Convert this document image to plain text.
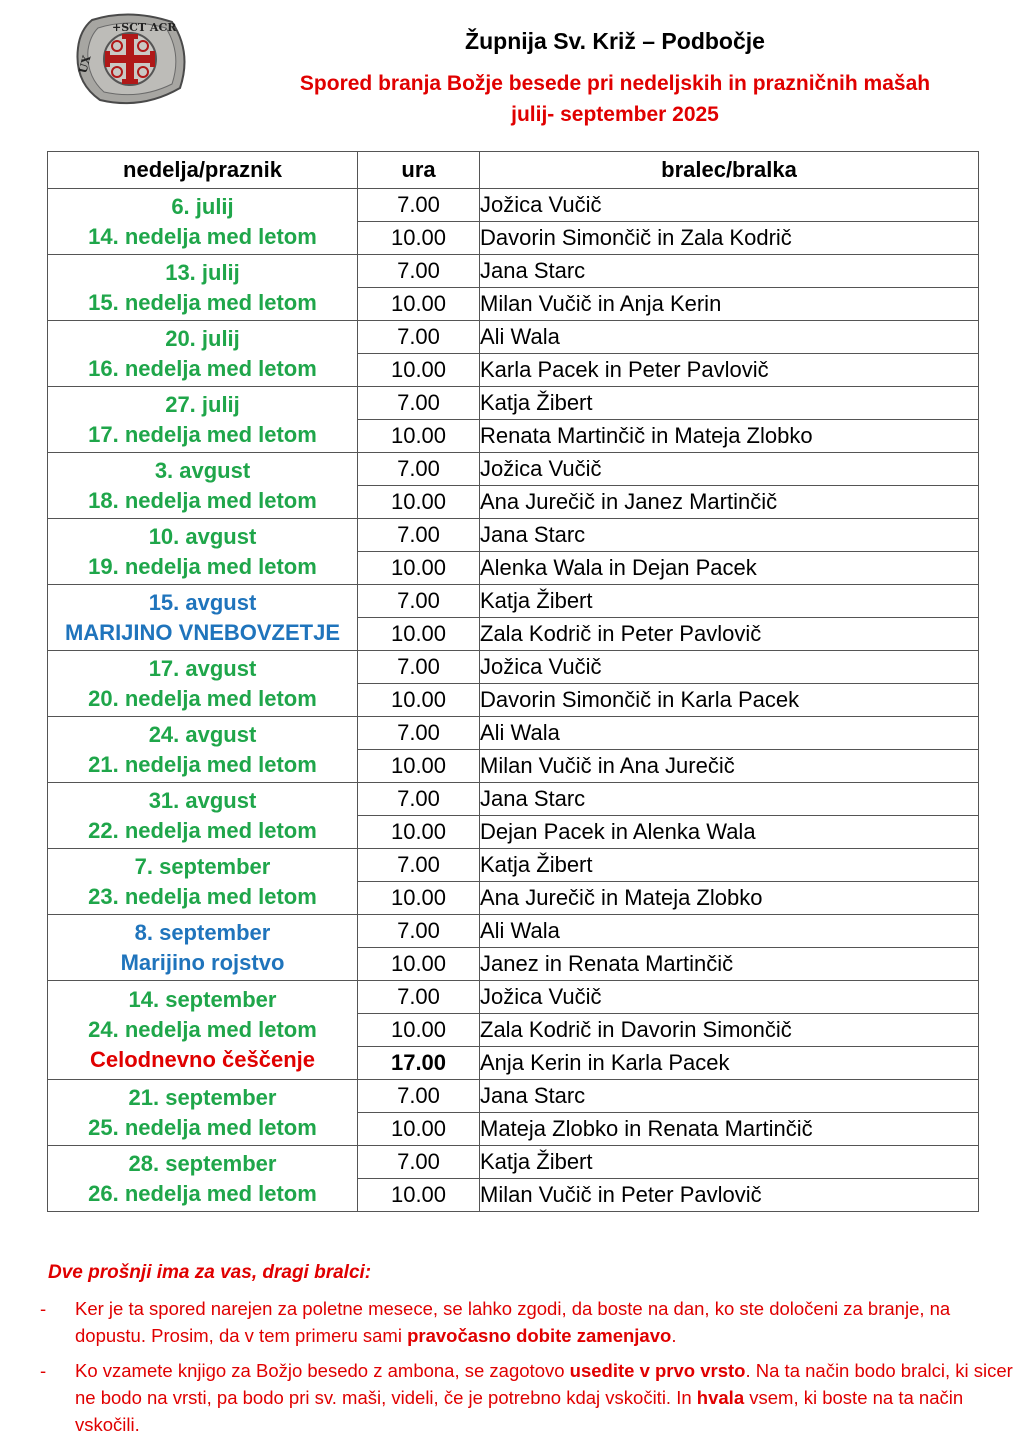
+SCT ACR
UX
Župnija Sv. Križ – Podbočje
Spored branja Božje besede pri nedeljskih in prazničnih mašah
julij- september 2025
nedelja/praznik	ura	bralec/bralka

6. julij
14. nedelja med letom	7.00	Jožica Vučič
	10.00	Davorin Simončič in Zala Kodrič

13. julij
15. nedelja med letom	7.00	Jana Starc
	10.00	Milan Vučič in Anja Kerin

20. julij
16. nedelja med letom	7.00	Ali Wala
	10.00	Karla Pacek in Peter Pavlovič

27. julij
17. nedelja med letom	7.00	Katja Žibert
	10.00	Renata Martinčič in Mateja Zlobko

3. avgust
18. nedelja med letom	7.00	Jožica Vučič
	10.00	Ana Jurečič in Janez Martinčič

10. avgust
19. nedelja med letom	7.00	Jana Starc
	10.00	Alenka Wala in Dejan Pacek

15. avgust
MARIJINO VNEBOVZETJE	7.00	Katja Žibert
	10.00	Zala Kodrič in Peter Pavlovič

17. avgust
20. nedelja med letom	7.00	Jožica Vučič
	10.00	Davorin Simončič in Karla Pacek

24. avgust
21. nedelja med letom	7.00	Ali Wala
	10.00	Milan Vučič in Ana Jurečič

31. avgust
22. nedelja med letom	7.00	Jana Starc
	10.00	Dejan Pacek in Alenka Wala

7. september
23. nedelja med letom	7.00	Katja Žibert
	10.00	Ana Jurečič in Mateja Zlobko

8. september
Marijino rojstvo	7.00	Ali Wala
	10.00	Janez in Renata Martinčič

14. september
24. nedelja med letom
Celodnevno češčenje	7.00	Jožica Vučič
	10.00	Zala Kodrič in Davorin Simončič
	17.00	Anja Kerin in Karla Pacek

21. september
25. nedelja med letom	7.00	Jana Starc
	10.00	Mateja Zlobko in Renata Martinčič

28. september
26. nedelja med letom	7.00	Katja Žibert
	10.00	Milan Vučič in Peter Pavlovič
Dve prošnji ima za vas, dragi bralci:
-	Ker je ta spored narejen za poletne mesece, se lahko zgodi, da boste na dan, ko ste določeni za branje, na dopustu. Prosim, da v tem primeru sami pravočasno dobite zamenjavo.
-	Ko vzamete knjigo za Božjo besedo z ambona, se zagotovo usedite v prvo vrsto. Na ta način bodo bralci, ki sicer ne bodo na vrsti, pa bodo pri sv. maši, videli, če je potrebno kdaj vskočiti. In hvala vsem, ki boste na ta način vskočili.
